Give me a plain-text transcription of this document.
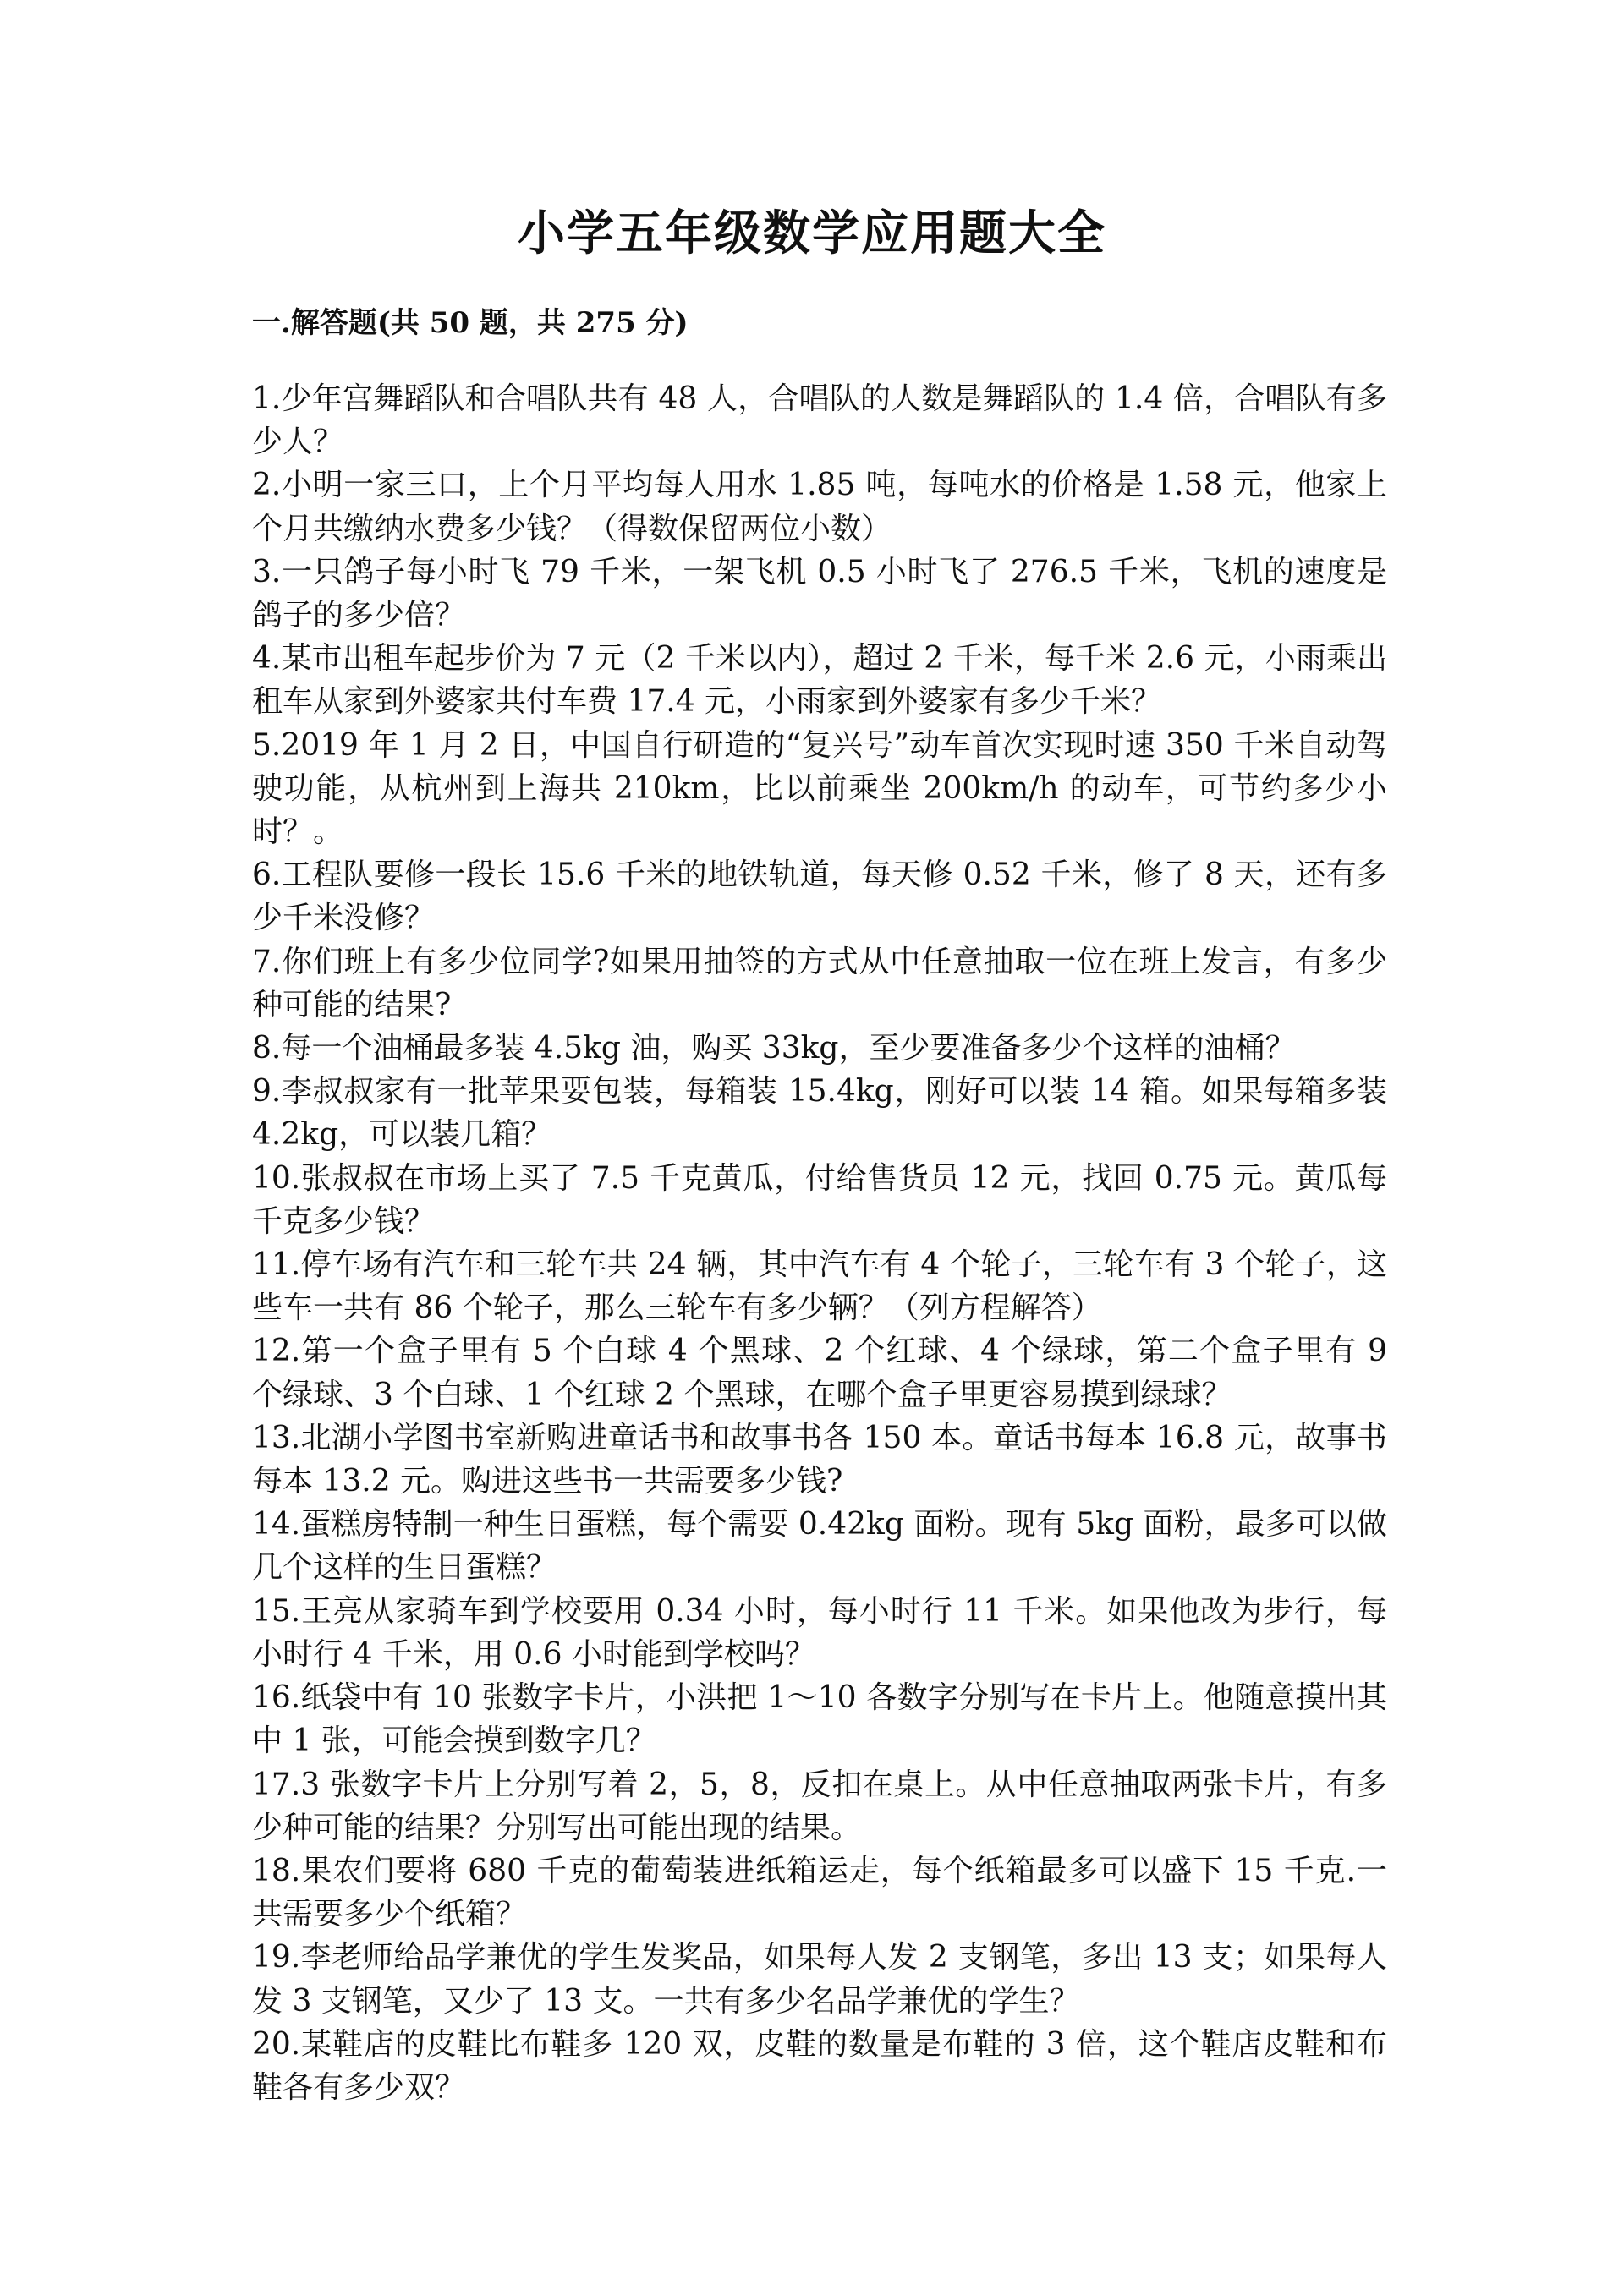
小学五年级数学应用题大全
一.解答题(共 50 题，共 275 分)
1.少年宫舞蹈队和合唱队共有 48 人，合唱队的人数是舞蹈队的 1.4 倍，合唱队有多少人？
2.小明一家三口，上个月平均每人用水 1.85 吨，每吨水的价格是 1.58 元，他家上个月共缴纳水费多少钱？（得数保留两位小数）
3.一只鸽子每小时飞 79 千米，一架飞机 0.5 小时飞了 276.5 千米，飞机的速度是鸽子的多少倍？
4.某市出租车起步价为 7 元（2 千米以内），超过 2 千米，每千米 2.6 元，小雨乘出租车从家到外婆家共付车费 17.4 元，小雨家到外婆家有多少千米？
5.2019 年 1 月 2 日，中国自行研造的“复兴号”动车首次实现时速 350 千米自动驾驶功能，从杭州到上海共 210km，比以前乘坐 200km/h 的动车，可节约多少小时？。
6.工程队要修一段长 15.6 千米的地铁轨道，每天修 0.52 千米，修了 8 天，还有多少千米没修？
7.你们班上有多少位同学?如果用抽签的方式从中任意抽取一位在班上发言，有多少种可能的结果?
8.每一个油桶最多装 4.5kg 油，购买 33kg，至少要准备多少个这样的油桶？
9.李叔叔家有一批苹果要包装，每箱装 15.4kg，刚好可以装 14 箱。如果每箱多装 4.2kg，可以装几箱？
10.张叔叔在市场上买了 7.5 千克黄瓜，付给售货员 12 元，找回 0.75 元。黄瓜每千克多少钱？
11.停车场有汽车和三轮车共 24 辆，其中汽车有 4 个轮子，三轮车有 3 个轮子，这些车一共有 86 个轮子，那么三轮车有多少辆？（列方程解答）
12.第一个盒子里有 5 个白球 4 个黑球、2 个红球、4 个绿球，第二个盒子里有 9 个绿球、3 个白球、1 个红球 2 个黑球，在哪个盒子里更容易摸到绿球？
13.北湖小学图书室新购进童话书和故事书各 150 本。童话书每本 16.8 元，故事书每本 13.2 元。购进这些书一共需要多少钱?
14.蛋糕房特制一种生日蛋糕，每个需要 0.42kg 面粉。现有 5kg 面粉，最多可以做几个这样的生日蛋糕？
15.王亮从家骑车到学校要用 0.34 小时，每小时行 11 千米。如果他改为步行，每小时行 4 千米，用 0.6 小时能到学校吗？
16.纸袋中有 10 张数字卡片，小洪把 1～10 各数字分别写在卡片上。他随意摸出其中 1 张，可能会摸到数字几？
17.3 张数字卡片上分别写着 2，5，8，反扣在桌上。从中任意抽取两张卡片，有多少种可能的结果？分别写出可能出现的结果。
18.果农们要将 680 千克的葡萄装进纸箱运走，每个纸箱最多可以盛下 15 千克.一共需要多少个纸箱？
19.李老师给品学兼优的学生发奖品，如果每人发 2 支钢笔，多出 13 支；如果每人发 3 支钢笔，又少了 13 支。一共有多少名品学兼优的学生？
20.某鞋店的皮鞋比布鞋多 120 双，皮鞋的数量是布鞋的 3 倍，这个鞋店皮鞋和布鞋各有多少双？
